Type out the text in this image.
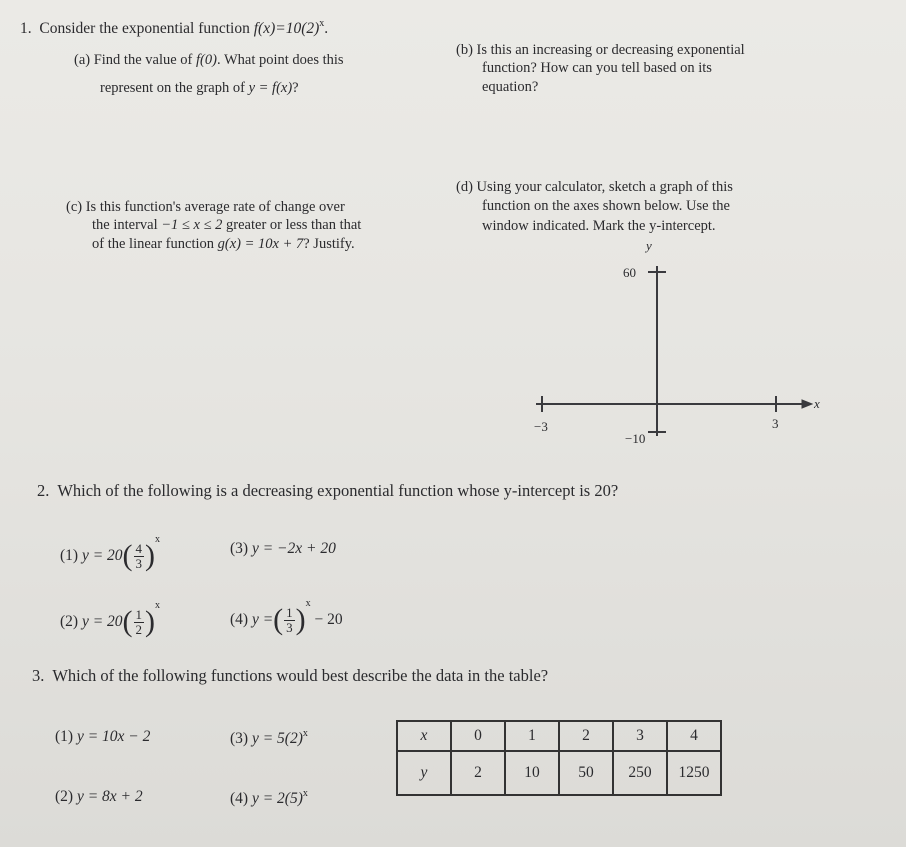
1. Consider the exponential function $f(x)=10(2)^x$.
(a) Find the value of f(0). What point does this
represent on the graph of y = f(x)?
(b) Is this an increasing or decreasing exponential
function? How can you tell based on its
equation?
(c) Is this function's average rate of change over
the interval −1 ≤ x ≤ 2 greater or less than that
of the linear function g(x) = 10x + 7? Justify.
(d) Using your calculator, sketch a graph of this
function on the axes shown below. Use the
window indicated. Mark the y-intercept.
y
x
60
−10
−3	3
2. Which of the following is a decreasing exponential function whose y-intercept is 20?
(1) $y = 20( \frac{4}{3} )^x$
(3) y = −2x + 20
(2) $y = 20( \frac{1}{2} )^x$
(4) y =( $\frac{1}{3} )^x - 20$
3. Which of the following functions would best describe the data in the table?
(1) y = 10x − 2	(3) $y = 5(2)^x$
(2) y = 8x + 2	(4) $y = 2(5)^x$
x	0	1	2	3	4
y	2	10	50	250	1250
